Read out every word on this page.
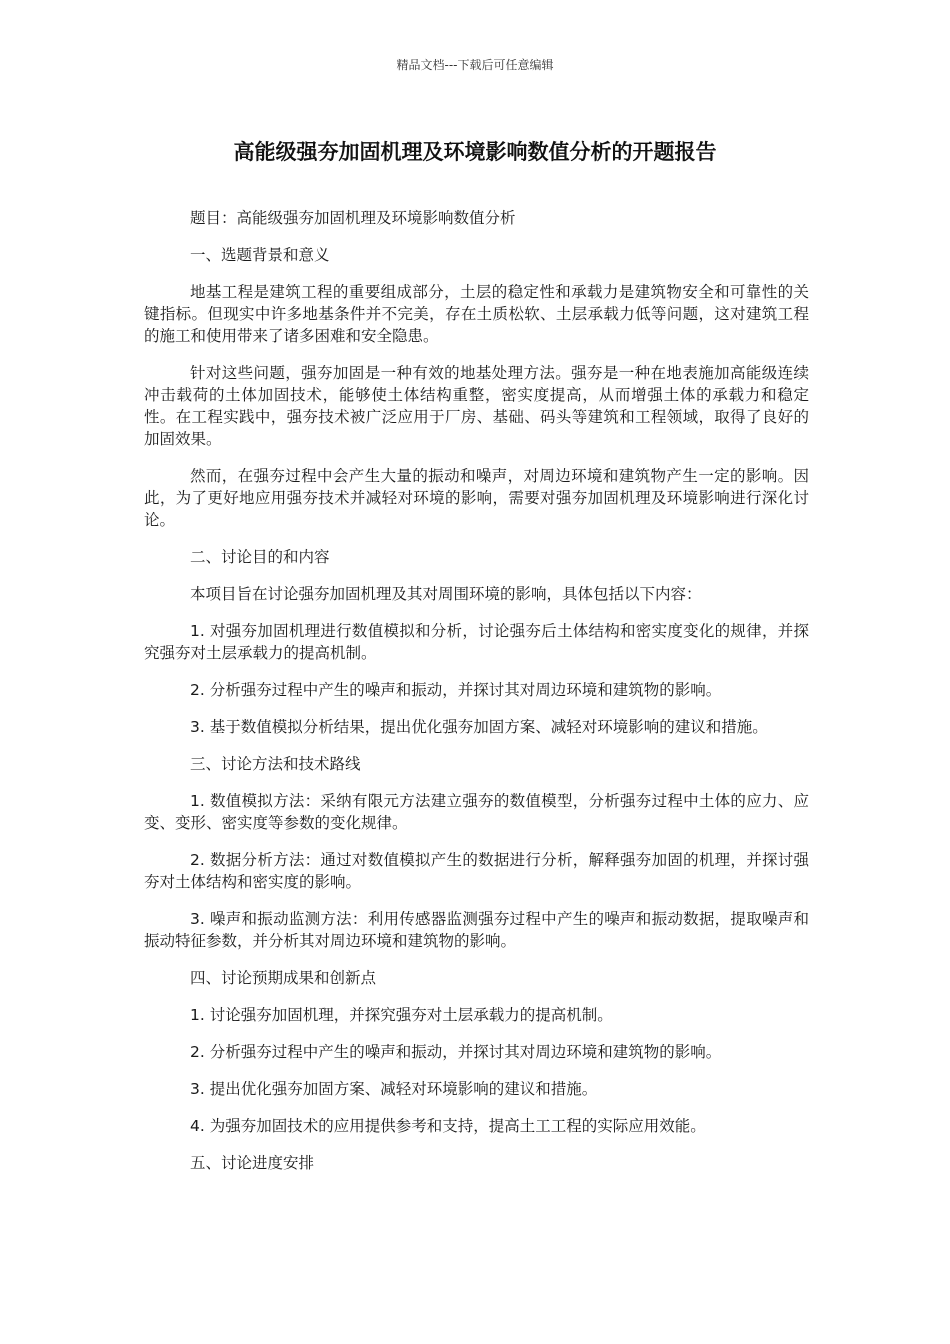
精品文档---下载后可任意编辑
高能级强夯加固机理及环境影响数值分析的开题报告

题目：高能级强夯加固机理及环境影响数值分析

一、选题背景和意义

地基工程是建筑工程的重要组成部分，土层的稳定性和承载力是建筑物安全和可靠性的关键指标。但现实中许多地基条件并不完美，存在土质松软、土层承载力低等问题，这对建筑工程的施工和使用带来了诸多困难和安全隐患。

针对这些问题，强夯加固是一种有效的地基处理方法。强夯是一种在地表施加高能级连续冲击载荷的土体加固技术，能够使土体结构重整，密实度提高，从而增强土体的承载力和稳定性。在工程实践中，强夯技术被广泛应用于厂房、基础、码头等建筑和工程领域，取得了良好的加固效果。

然而，在强夯过程中会产生大量的振动和噪声，对周边环境和建筑物产生一定的影响。因此，为了更好地应用强夯技术并减轻对环境的影响，需要对强夯加固机理及环境影响进行深化讨论。

二、讨论目的和内容

本项目旨在讨论强夯加固机理及其对周围环境的影响，具体包括以下内容：

1. 对强夯加固机理进行数值模拟和分析，讨论强夯后土体结构和密实度变化的规律，并探究强夯对土层承载力的提高机制。

2. 分析强夯过程中产生的噪声和振动，并探讨其对周边环境和建筑物的影响。

3. 基于数值模拟分析结果，提出优化强夯加固方案、减轻对环境影响的建议和措施。

三、讨论方法和技术路线

1. 数值模拟方法：采纳有限元方法建立强夯的数值模型，分析强夯过程中土体的应力、应变、变形、密实度等参数的变化规律。

2. 数据分析方法：通过对数值模拟产生的数据进行分析，解释强夯加固的机理，并探讨强夯对土体结构和密实度的影响。

3. 噪声和振动监测方法：利用传感器监测强夯过程中产生的噪声和振动数据，提取噪声和振动特征参数，并分析其对周边环境和建筑物的影响。

四、讨论预期成果和创新点

1. 讨论强夯加固机理，并探究强夯对土层承载力的提高机制。

2. 分析强夯过程中产生的噪声和振动，并探讨其对周边环境和建筑物的影响。

3. 提出优化强夯加固方案、减轻对环境影响的建议和措施。

4. 为强夯加固技术的应用提供参考和支持，提高土工工程的实际应用效能。

五、讨论进度安排
